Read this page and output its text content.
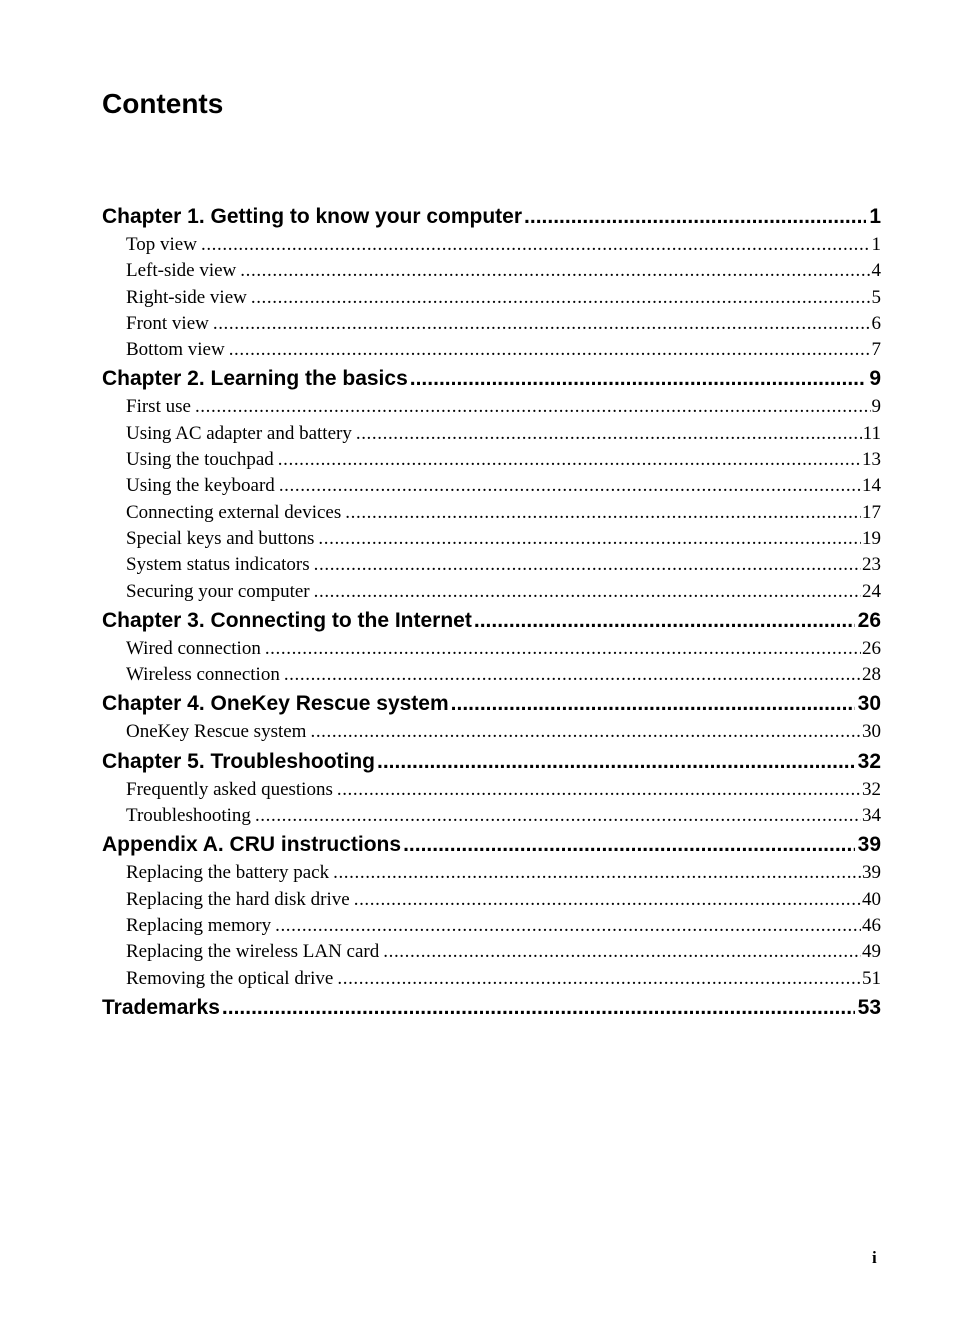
Contents
Chapter 1. Getting to know your computer .....	1
Top view .....	1
Left-side view .....	4
Right-side view .....	5
Front view .....	6
Bottom view .....	7
Chapter 2. Learning the basics .....	9
First use .....	9
Using AC adapter and battery .....	11
Using the touchpad .....	13
Using the keyboard .....	14
Connecting external devices .....	17
Special keys and buttons .....	19
System status indicators .....	23
Securing your computer .....	24
Chapter 3. Connecting to the Internet .....	26
Wired connection .....	26
Wireless connection .....	28
Chapter 4. OneKey Rescue system .....	30
OneKey Rescue system .....	30
Chapter 5. Troubleshooting .....	32
Frequently asked questions .....	32
Troubleshooting .....	34
Appendix A. CRU instructions .....	39
Replacing the battery pack .....	39
Replacing the hard disk drive .....	40
Replacing memory .....	46
Replacing the wireless LAN card .....	49
Removing the optical drive .....	51
Trademarks .....	53
i
